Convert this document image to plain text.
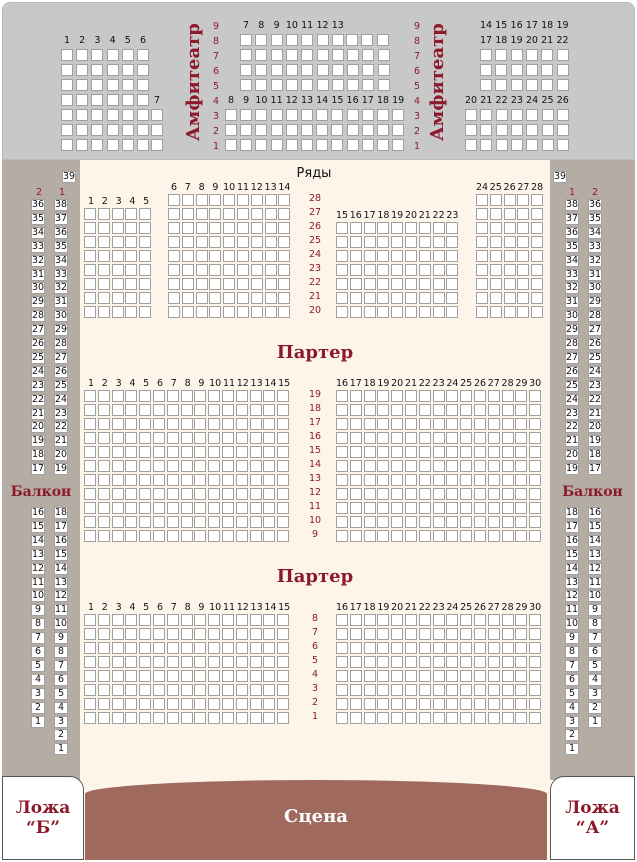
Сцена
Ложа
“Б”
Ложа
“А”
Амфитеатр	Амфитеатр
Партер
Партер
Ряды
Балкон	Балкон
9	9
8	8
7	7
6	6
5	5
4	4
3	3
2	2
1	1
1 2 3 4 5 6
7
7 8 9 10 11 12 13
8 9 10 11 12 13 14 15 16 17 18 19
14 15 16 17 18 19
17 18 19 20 21 22
20 21 22 23 24 25 26
1 2 3 4 5
6 7 8 9 10 11 12 13 14
15 16 17 18 19 20 21 22 23
24 25 26 27 28
28
27
26
25
24
23
22
21
20
1 2 3 4 5 6 7 8 9 10 11 12 13 14 15	16 17 18 19 20 21 22 23 24 25 26 27 28 29 30
19
18
17
16
15
14
13
12
11
10
9
1 2 3 4 5 6 7 8 9 10 11 12 13 14 15	16 17 18 19 20 21 22 23 24 25 26 27 28 29 30
8
7
6
5
4
3
2
1
2	1
39
36
35
34
33
32
31
30
29
28
27
26
25
24
23
22
21
20
19
18
17
16
15
14
13
12
11
10
9
8
7
6
5
4
3
2
1
38
37
36
35
34
33
32
31
30
29
28
27
26
25
24
23
22
21
20
19
18
17
16
15
14
13
12
11
10
9
8
7
6
5
4
3
2
1
1	2
39
38
37
36
35
34
33
32
31
30
29
28
27
26
25
24
23
22
21
20
19
18
17
16
15
14
13
12
11
10
9
8
7
6
5
4
3
2
1
36
35
34
33
32
31
30
29
28
27
26
25
24
23
22
21
20
19
18
17
16
15
14
13
12
11
10
9
8
7
6
5
4
3
2
1
